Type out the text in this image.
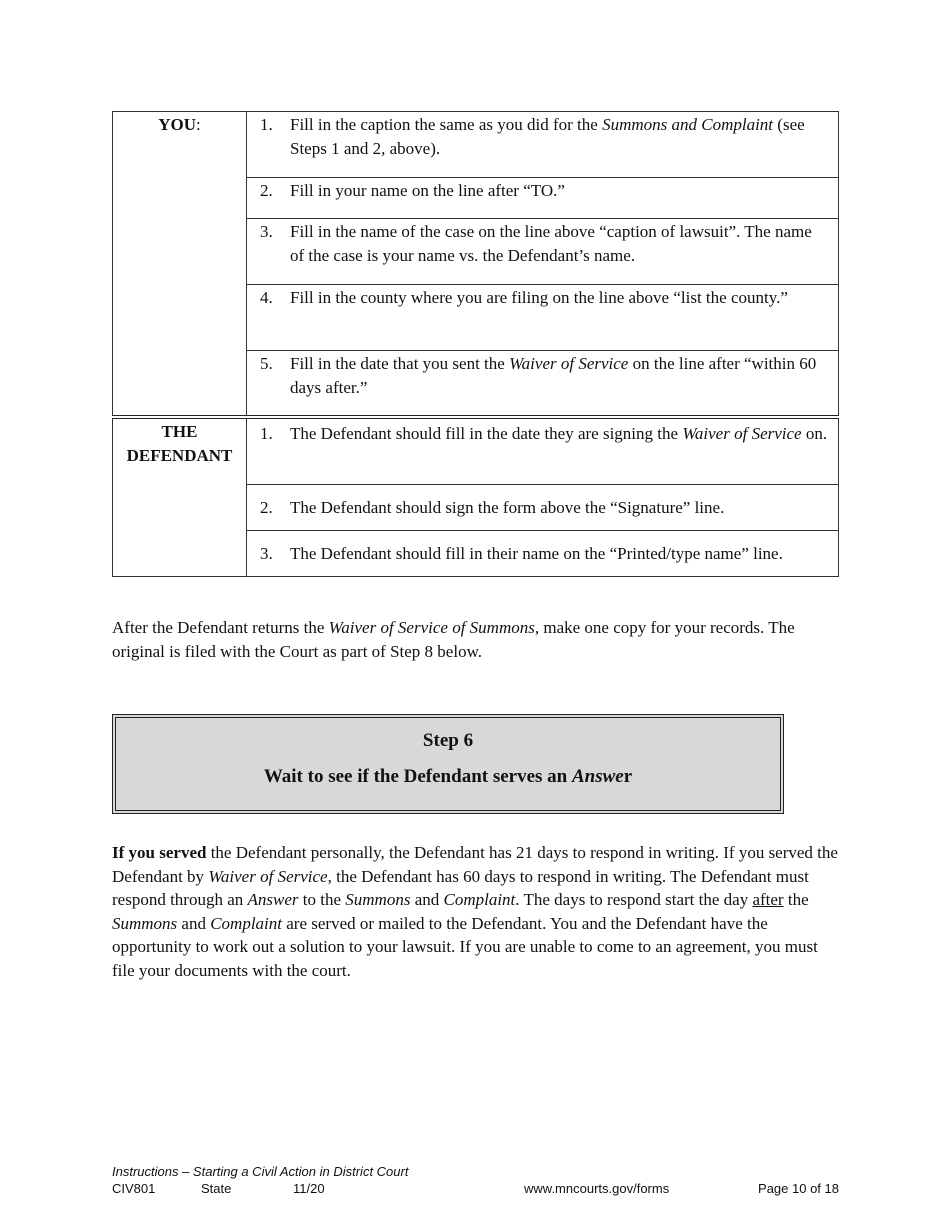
YOU:	1. Fill in the caption the same as you did for the Summons and Complaint (see Steps 1 and 2, above).

	2. Fill in your name on the line after “TO.”

	3. Fill in the name of the case on the line above “caption of lawsuit”. The name of the case is your name vs. the Defendant’s name.

	4. Fill in the county where you are filing on the line above “list the county.”

	5. Fill in the date that you sent the Waiver of Service on the line after “within 60 days after.”

THE
DEFENDANT	1. The Defendant should fill in the date they are signing the Waiver of Service on.

	2. The Defendant should sign the form above the “Signature” line.

	3. The Defendant should fill in their name on the “Printed/type name” line.

After the Defendant returns the Waiver of Service of Summons, make one copy for your records. The original is filed with the Court as part of Step 8 below.

Step 6
Wait to see if the Defendant serves an Answer

If you served the Defendant personally, the Defendant has 21 days to respond in writing. If you served the Defendant by Waiver of Service, the Defendant has 60 days to respond in writing. The Defendant must respond through an Answer to the Summons and Complaint. The days to respond start the day after the Summons and Complaint are served or mailed to the Defendant. You and the Defendant have the opportunity to work out a solution to your lawsuit. If you are unable to come to an agreement, you must file your documents with the court.

Instructions – Starting a Civil Action in District Court
CIV801	State	11/20	www.mncourts.gov/forms	Page 10 of 18
